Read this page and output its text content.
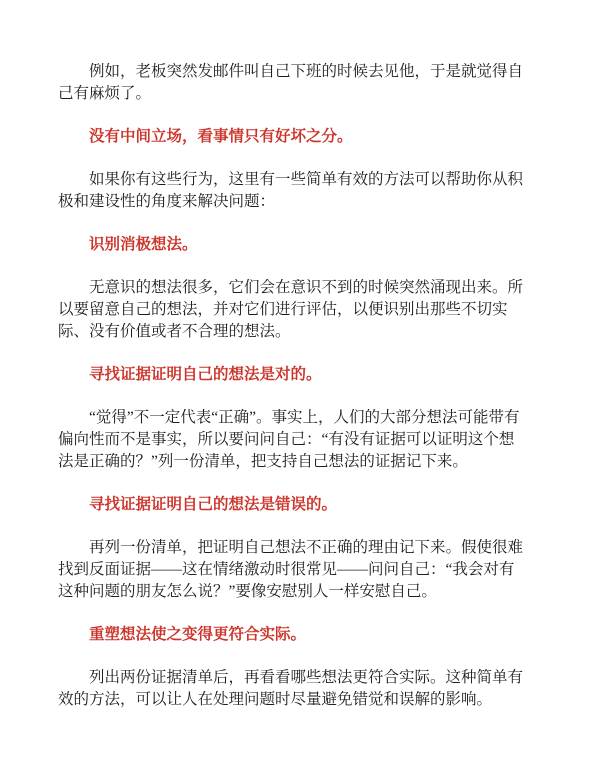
例如，老板突然发邮件叫自己下班的时候去见他，于是就觉得自己有麻烦了。

没有中间立场，看事情只有好坏之分。

如果你有这些行为，这里有一些简单有效的方法可以帮助你从积极和建设性的角度来解决问题：

识别消极想法。

无意识的想法很多，它们会在意识不到的时候突然涌现出来。所以要留意自己的想法，并对它们进行评估，以便识别出那些不切实际、没有价值或者不合理的想法。

寻找证据证明自己的想法是对的。

“觉得”不一定代表“正确”。事实上，人们的大部分想法可能带有偏向性而不是事实，所以要问问自己：“有没有证据可以证明这个想法是正确的？”列一份清单，把支持自己想法的证据记下来。

寻找证据证明自己的想法是错误的。

再列一份清单，把证明自己想法不正确的理由记下来。假使很难找到反面证据——这在情绪激动时很常见——问问自己：“我会对有这种问题的朋友怎么说？”要像安慰别人一样安慰自己。

重塑想法使之变得更符合实际。

列出两份证据清单后，再看看哪些想法更符合实际。这种简单有效的方法，可以让人在处理问题时尽量避免错觉和误解的影响。
